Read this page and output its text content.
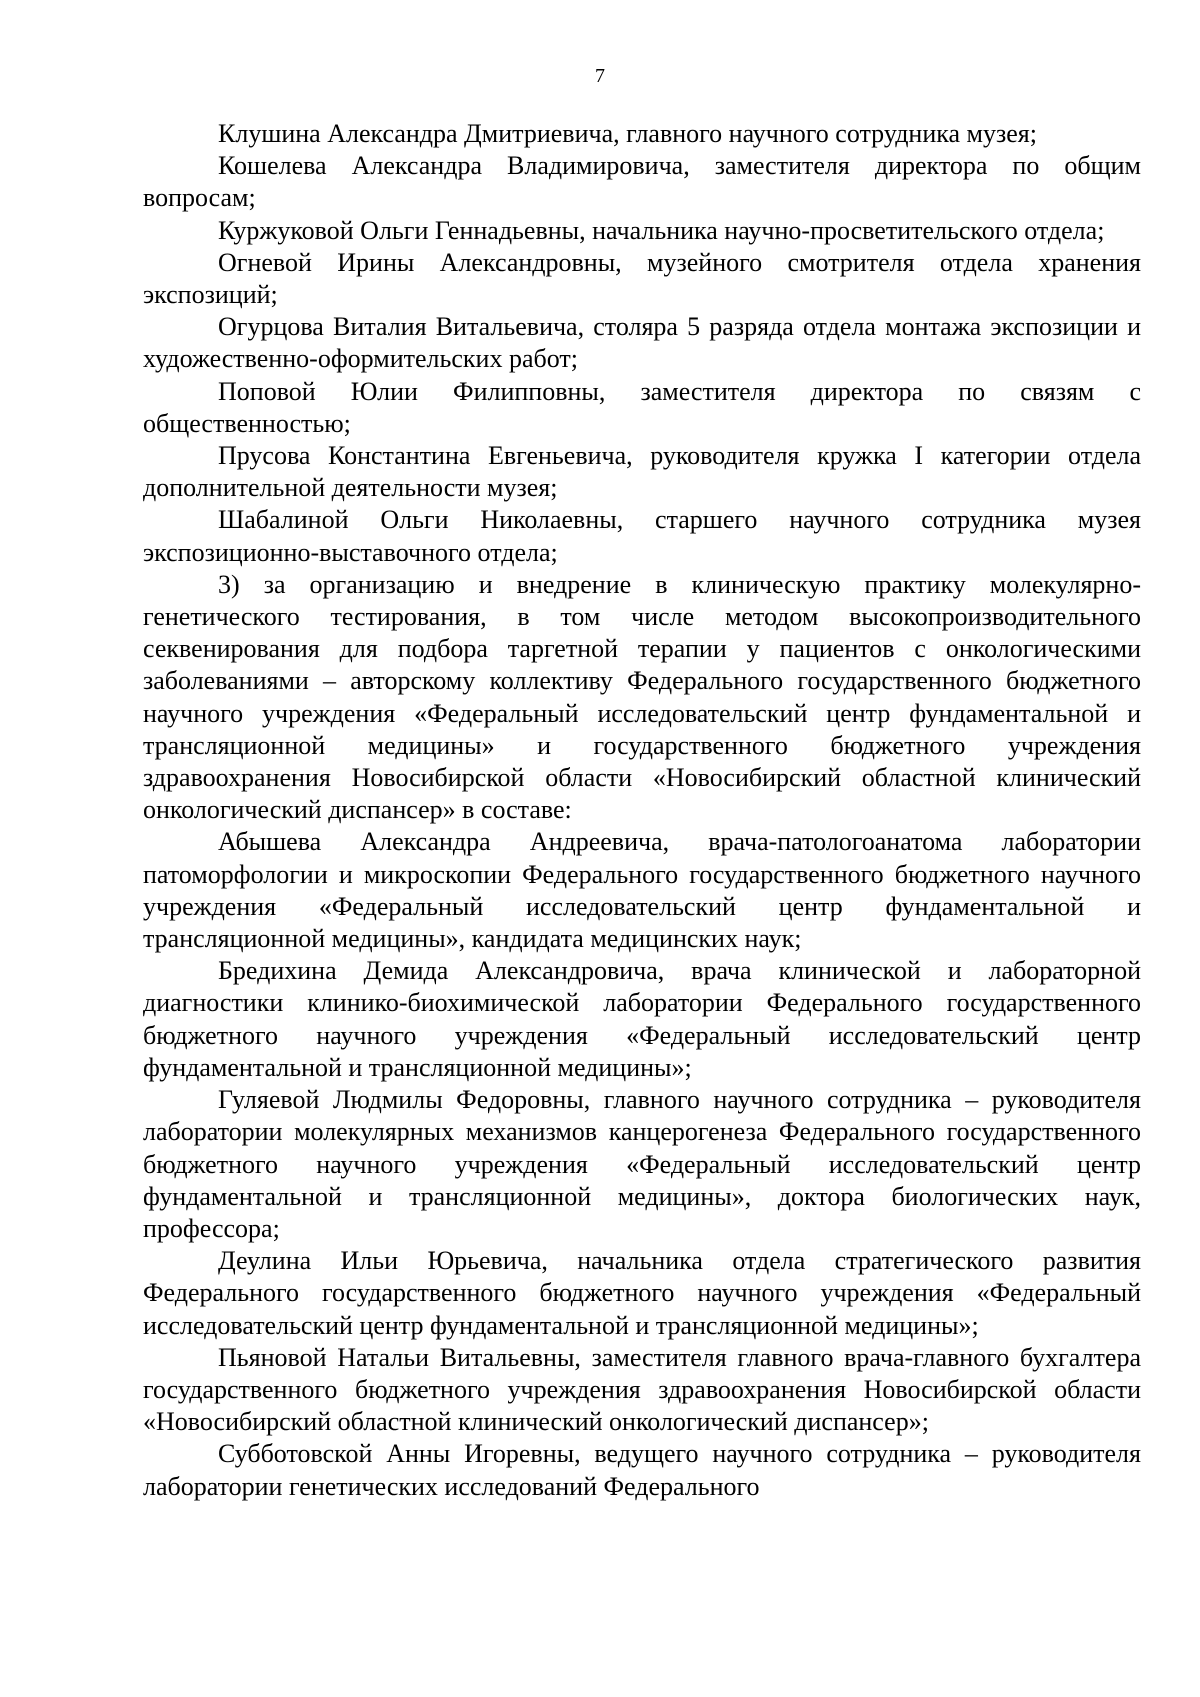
7

Клушина Александра Дмитриевича, главного научного сотрудника музея;

Кошелева Александра Владимировича, заместителя директора по общим вопросам;

Куржуковой Ольги Геннадьевны, начальника научно-просветительского отдела;

Огневой Ирины Александровны, музейного смотрителя отдела хранения экспозиций;

Огурцова Виталия Витальевича, столяра 5 разряда отдела монтажа экспозиции и художественно-оформительских работ;

Поповой Юлии Филипповны, заместителя директора по связям с общественностью;

Прусова Константина Евгеньевича, руководителя кружка I категории отдела дополнительной деятельности музея;

Шабалиной Ольги Николаевны, старшего научного сотрудника музея экспозиционно-выставочного отдела;

3) за организацию и внедрение в клиническую практику молекулярно-генетического тестирования, в том числе методом высокопроизводительного секвенирования для подбора таргетной терапии у пациентов с онкологическими заболеваниями – авторскому коллективу Федерального государственного бюджетного научного учреждения «Федеральный исследовательский центр фундаментальной и трансляционной медицины» и государственного бюджетного учреждения здравоохранения Новосибирской области «Новосибирский областной клинический онкологический диспансер» в составе:

Абышева Александра Андреевича, врача-патологоанатома лаборатории патоморфологии и микроскопии Федерального государственного бюджетного научного учреждения «Федеральный исследовательский центр фундаментальной и трансляционной медицины», кандидата медицинских наук;

Бредихина Демида Александровича, врача клинической и лабораторной диагностики клинико-биохимической лаборатории Федерального государственного бюджетного научного учреждения «Федеральный исследовательский центр фундаментальной и трансляционной медицины»;

Гуляевой Людмилы Федоровны, главного научного сотрудника – руководителя лаборатории молекулярных механизмов канцерогенеза Федерального государственного бюджетного научного учреждения «Федеральный исследовательский центр фундаментальной и трансляционной медицины», доктора биологических наук, профессора;

Деулина Ильи Юрьевича, начальника отдела стратегического развития Федерального государственного бюджетного научного учреждения «Федеральный исследовательский центр фундаментальной и трансляционной медицины»;

Пьяновой Натальи Витальевны, заместителя главного врача-главного бухгалтера государственного бюджетного учреждения здравоохранения Новосибирской области «Новосибирский областной клинический онкологический диспансер»;

Субботовской Анны Игоревны, ведущего научного сотрудника – руководителя лаборатории генетических исследований Федерального
